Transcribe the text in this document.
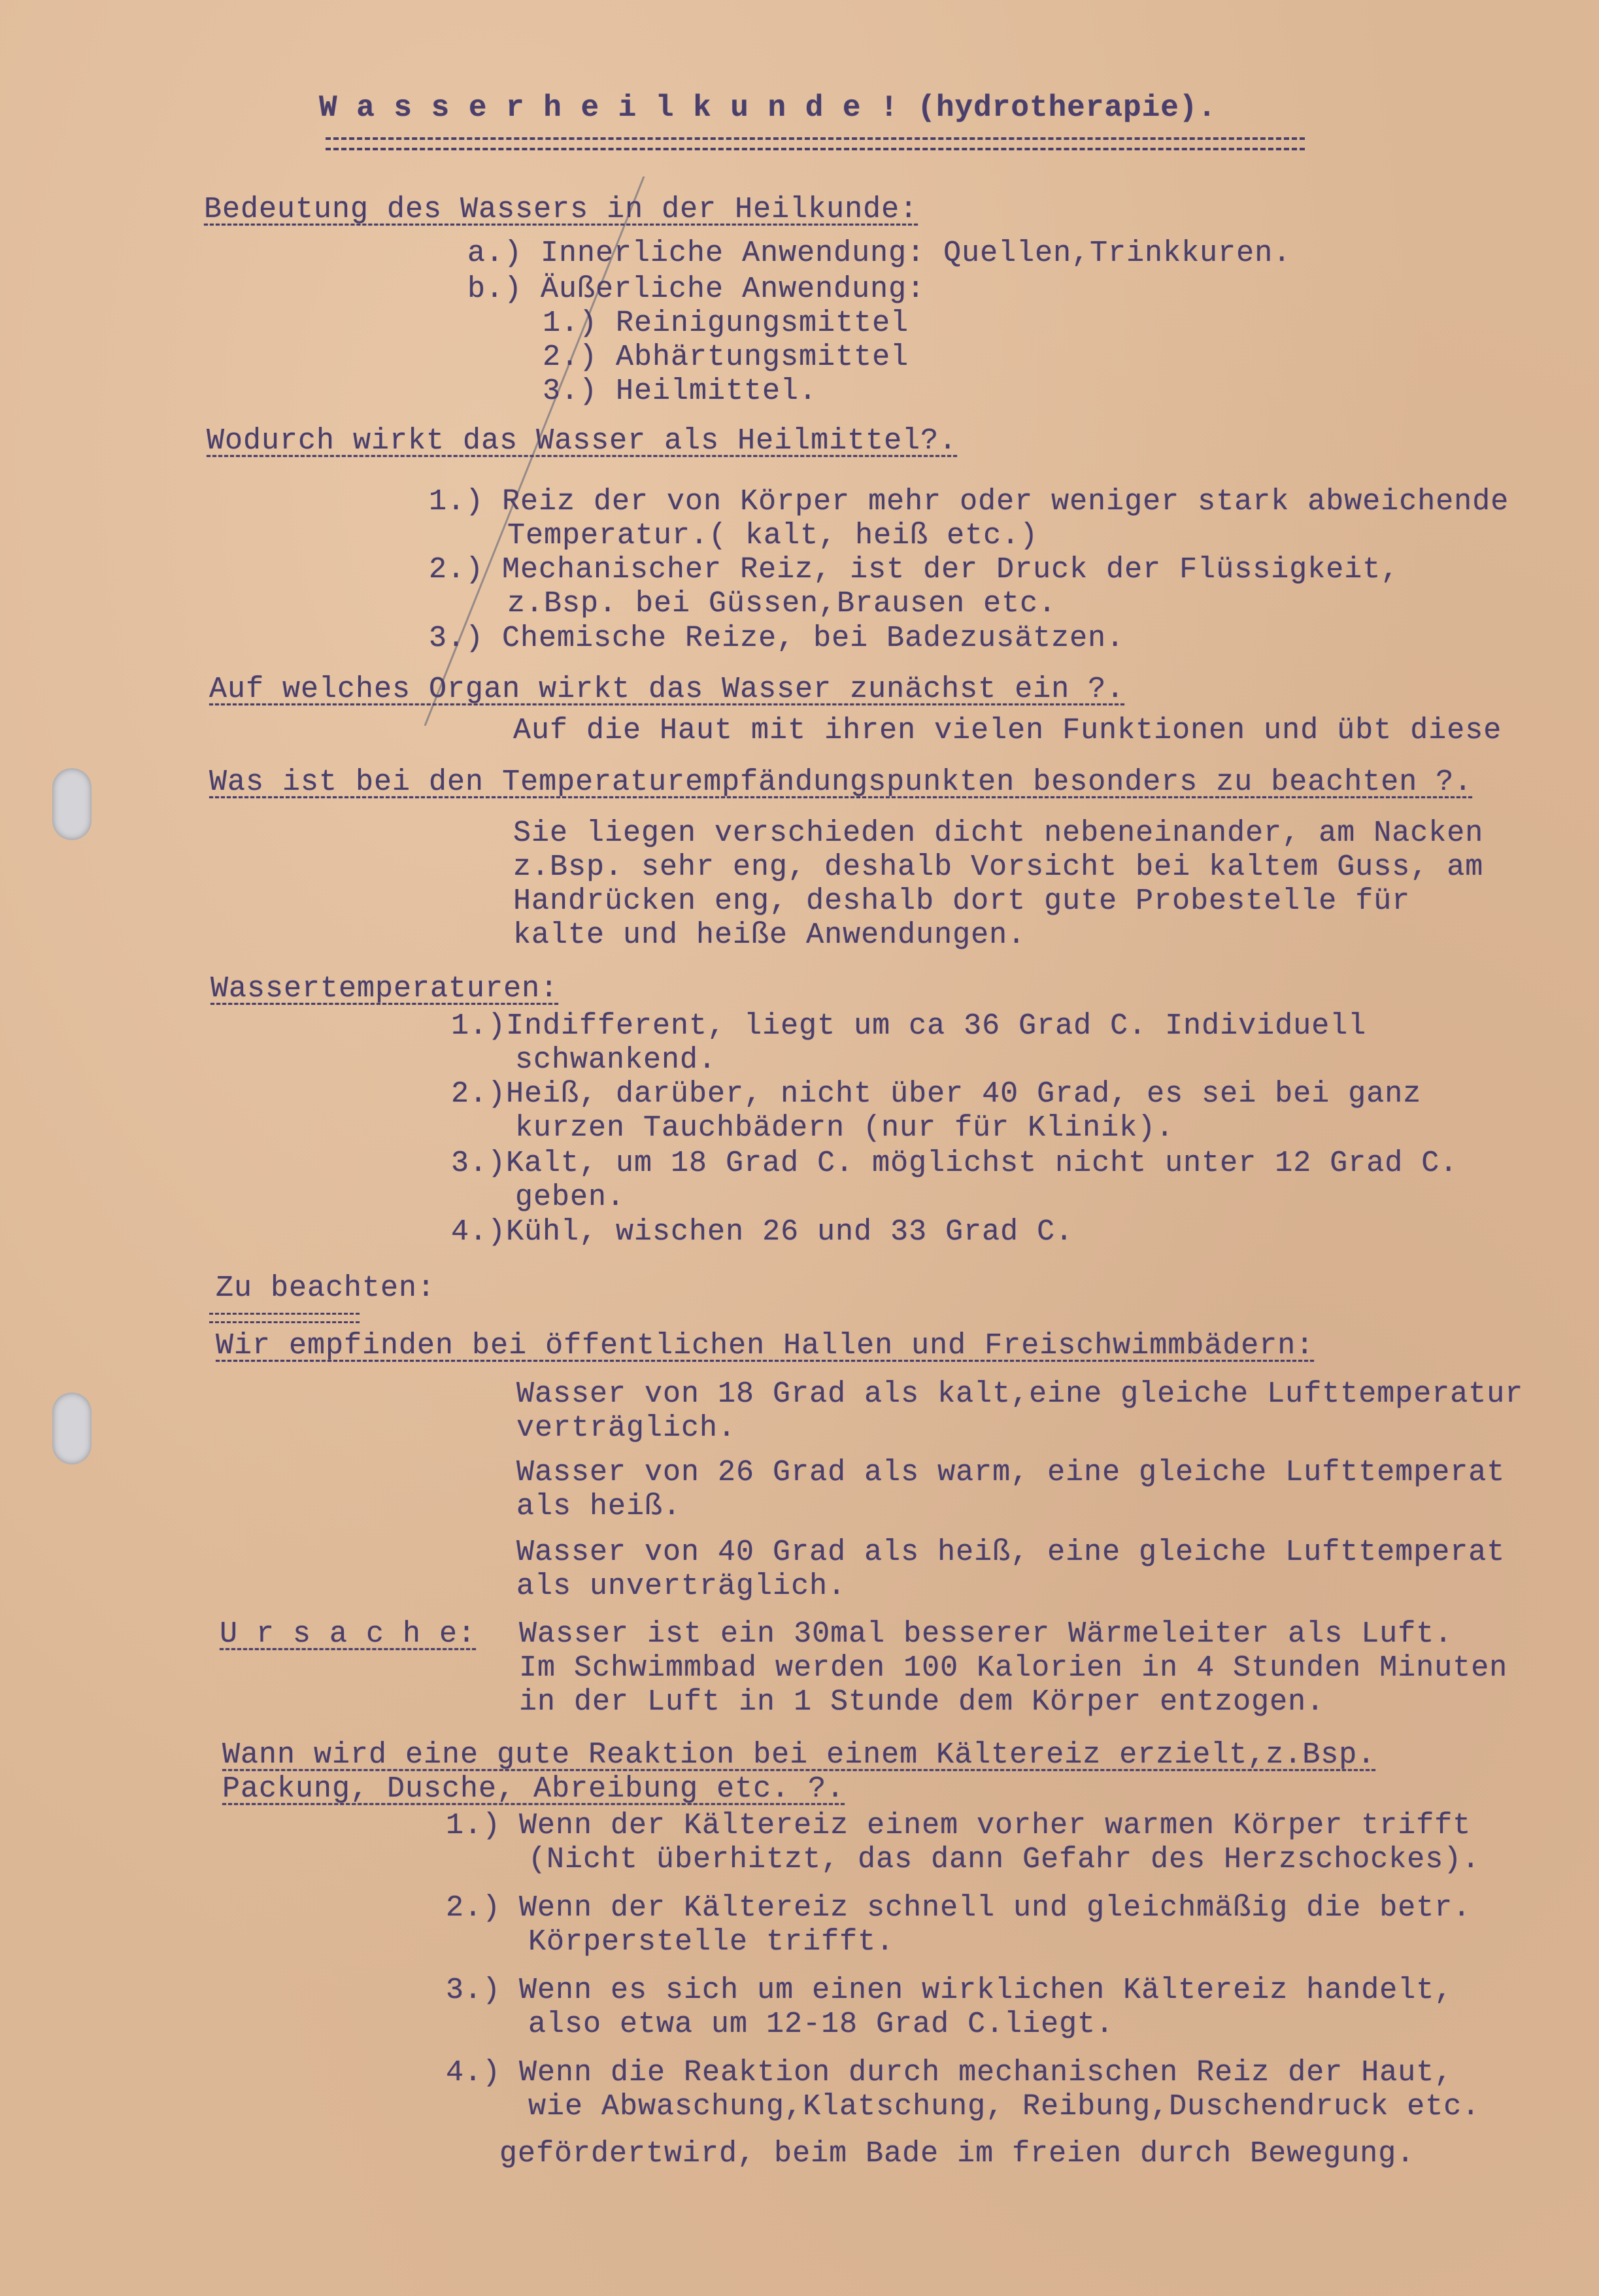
W a s s e r h e i l k u n d e ! (hydrotherapie).
Bedeutung des Wassers in der Heilkunde:
a.) Innerliche Anwendung: Quellen,Trinkkuren.
b.) Äußerliche Anwendung:
1.) Reinigungsmittel
2.) Abhärtungsmittel
3.) Heilmittel.
Wodurch wirkt das Wasser als Heilmittel?.
1.) Reiz der von Körper mehr oder weniger stark abweichende
Temperatur.( kalt, heiß etc.)
2.) Mechanischer Reiz, ist der Druck der Flüssigkeit,
z.Bsp. bei Güssen,Brausen etc.
3.) Chemische Reize, bei Badezusätzen.
Auf welches Organ wirkt das Wasser zunächst ein ?.
Auf die Haut mit ihren vielen Funktionen und übt diese
Was ist bei den Temperaturempfändungspunkten besonders zu beachten ?.
Sie liegen verschieden dicht nebeneinander, am Nacken
z.Bsp. sehr eng, deshalb Vorsicht bei kaltem Guss, am
Handrücken eng, deshalb dort gute Probestelle für
kalte und heiße Anwendungen.
Wassertemperaturen:
1.)Indifferent, liegt um ca 36 Grad C. Individuell
schwankend.
2.)Heiß, darüber, nicht über 40 Grad, es sei bei ganz
kurzen Tauchbädern (nur für Klinik).
3.)Kalt, um 18 Grad C. möglichst nicht unter 12 Grad C.
geben.
4.)Kühl, wischen 26 und 33 Grad C.
Zu beachten:
Wir empfinden bei öffentlichen Hallen und Freischwimmbädern:
Wasser von 18 Grad als kalt,eine gleiche Lufttemperatur
verträglich.
Wasser von 26 Grad als warm, eine gleiche Lufttemperat
als heiß.
Wasser von 40 Grad als heiß, eine gleiche Lufttemperat
als unverträglich.
U r s a c h e: Wasser ist ein 30mal besserer Wärmeleiter als Luft.
Im Schwimmbad werden 100 Kalorien in 4 Stunden Minuten
in der Luft in 1 Stunde dem Körper entzogen.
Wann wird eine gute Reaktion bei einem Kältereiz erzielt,z.Bsp.
Packung, Dusche, Abreibung etc. ?.
1.) Wenn der Kältereiz einem vorher warmen Körper trifft
(Nicht überhitzt, das dann Gefahr des Herzschockes).
2.) Wenn der Kältereiz schnell und gleichmäßig die betr.
Körperstelle trifft.
3.) Wenn es sich um einen wirklichen Kältereiz handelt,
also etwa um 12-18 Grad C.liegt.
4.) Wenn die Reaktion durch mechanischen Reiz der Haut,
wie Abwaschung,Klatschung, Reibung,Duschendruck etc.
gefördertwird, beim Bade im freien durch Bewegung.
